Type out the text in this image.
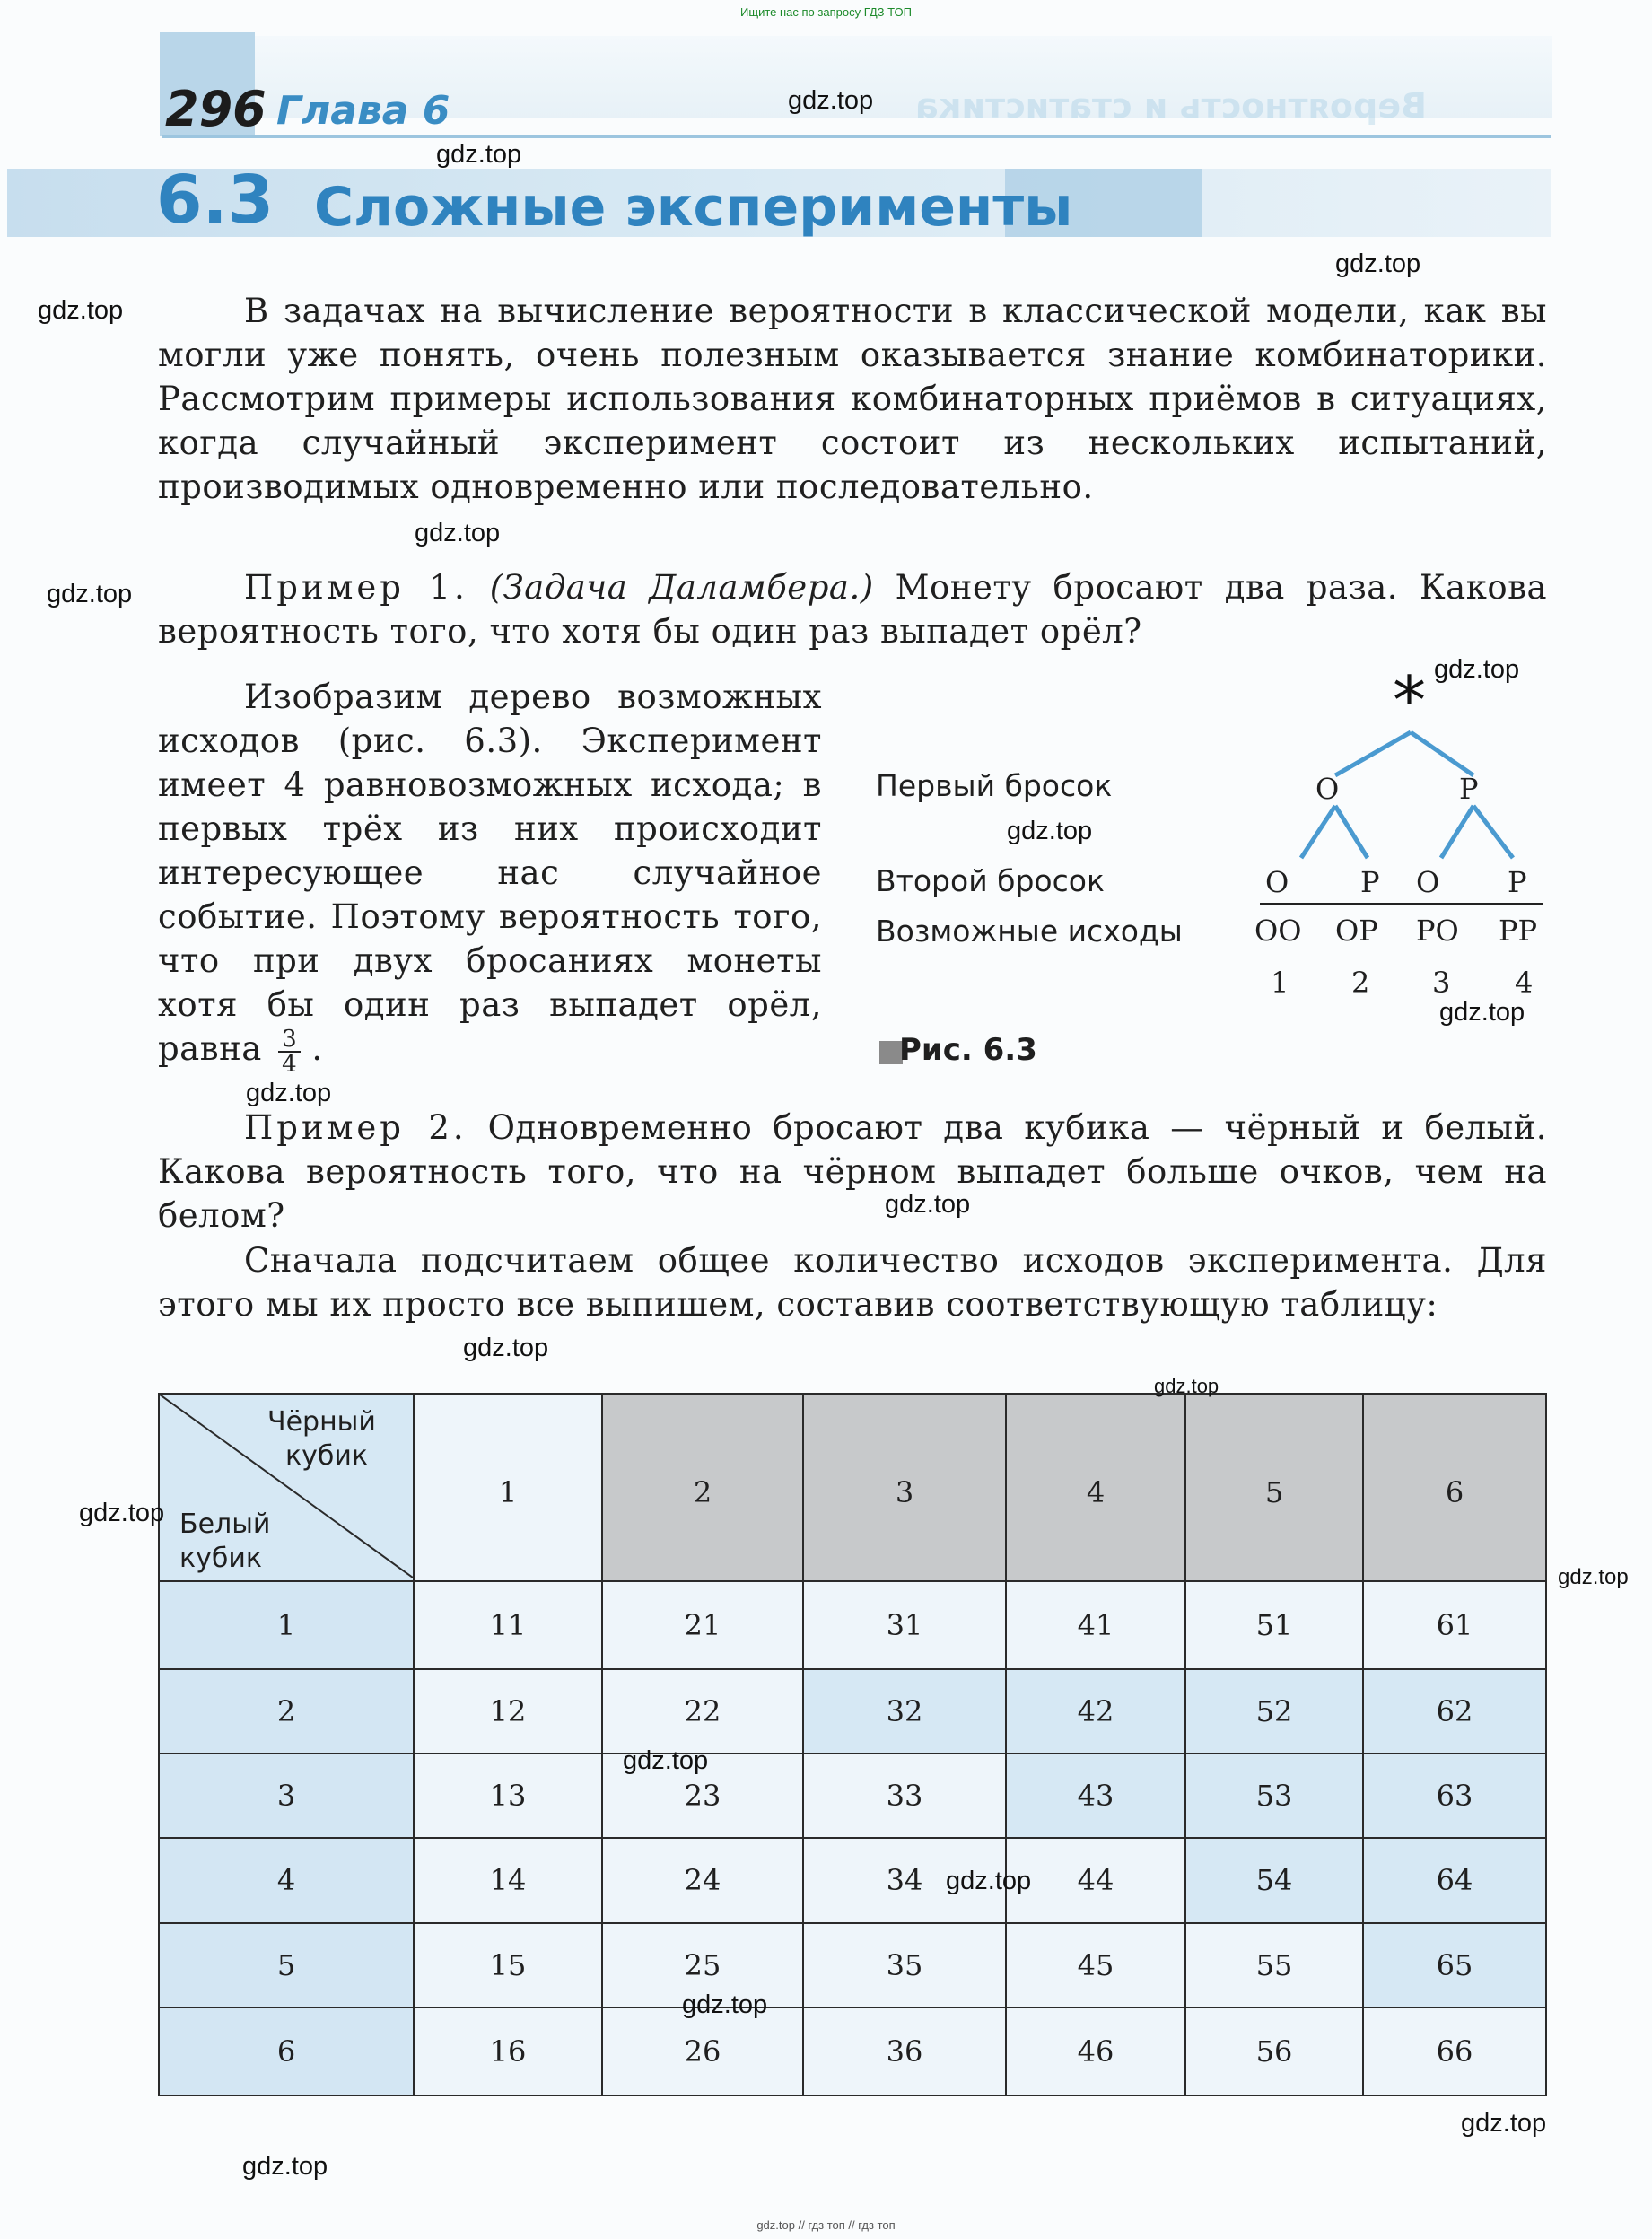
Ищите нас по запросу ГДЗ ТОП
296 Глава 6	Вероятность и статистика
6.3 Сложные эксперименты
В задачах на вычисление вероятности в классической модели, как вы могли уже понять, очень полезным оказывается знание комбинаторики. Рассмотрим примеры использования комбинаторных приёмов в ситуациях, когда случайный эксперимент состоит из нескольких испытаний, производимых одновременно или последовательно.
Пример 1. (Задача Даламбера.) Монету бросают два раза. Какова вероятность того, что хотя бы один раз выпадет орёл?
Изобразим дерево возможных исходов (рис. 6.3). Эксперимент имеет 4 равновозможных исхода; в первых трёх из них происходит интересующее нас случайное событие. Поэтому вероятность того, что при двух бросаниях монеты хотя бы один раз выпадет орёл, равна $\frac{3}{4}$ .
*
Первый бросок
Второй бросок
Возможные исходы
О	Р
О Р О Р
ОО ОР РО РР
1 2 3 4
Рис. 6.3
Пример 2. Одновременно бросают два кубика — чёрный и белый. Какова вероятность того, что на чёрном выпадет больше очков, чем на белом?
Сначала подсчитаем общее количество исходов эксперимента. Для этого мы их просто все выпишем, составив соответствующую таблицу:
Чёрный
кубик
Белый
кубик	1	2	3	4	5	6
1	11	21	31	41	51	61
2	12	22	32	42	52	62
3	13	23	33	43	53	63
4	14	24	34	44	54	64
5	15	25	35	45	55	65
6	16	26	36	46	56	66
gdz.top
gdz.top
gdz.top
gdz.top
gdz.top
gdz.top
gdz.top
gdz.top
gdz.top
gdz.top
gdz.top
gdz.top
gdz.top
gdz.top
gdz.top
gdz.top
gdz.top
gdz.top
gdz.top
gdz.top
gdz.top // гдз топ // гдз топ
